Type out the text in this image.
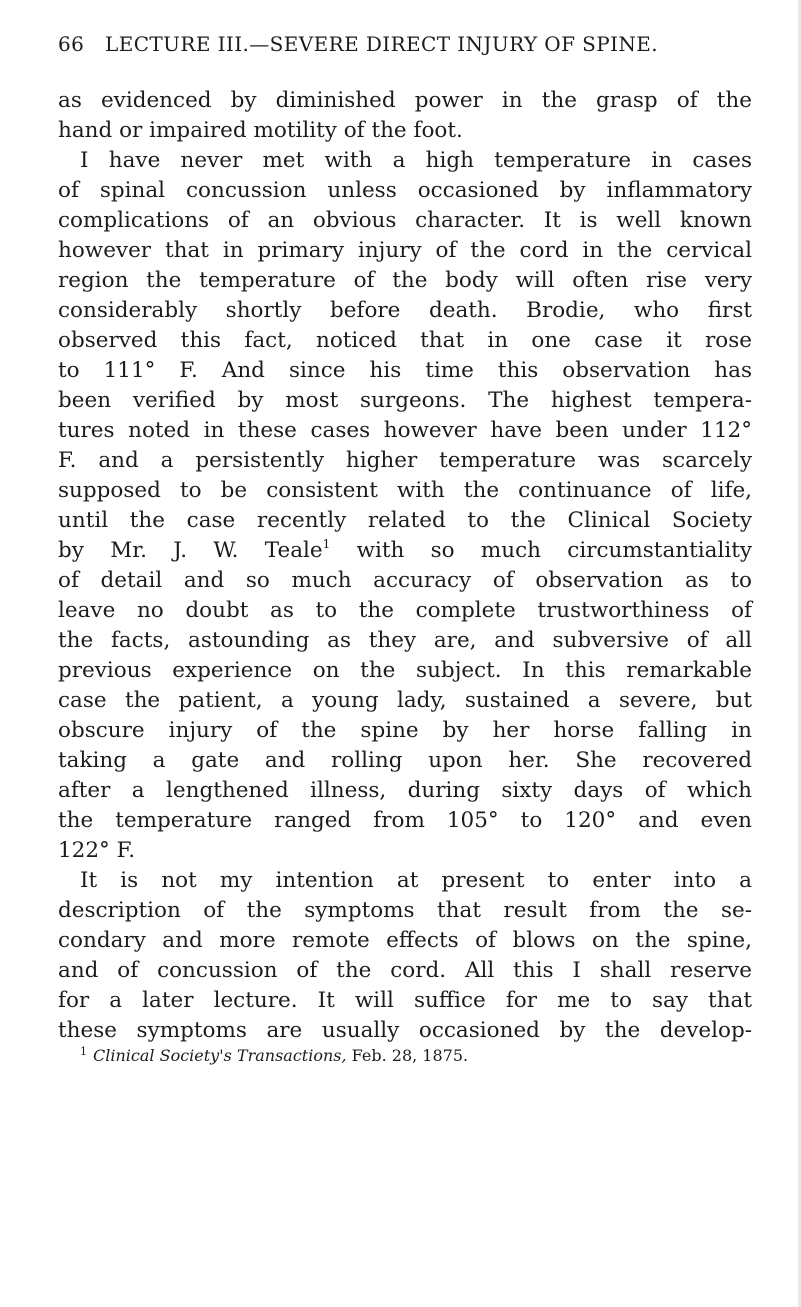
66 LECTURE III.—SEVERE DIRECT INJURY OF SPINE.
as evidenced by diminished power in the grasp of the
hand or impaired motility of the foot.
I have never met with a high temperature in cases
of spinal concussion unless occasioned by inflammatory
complications of an obvious character. It is well known
however that in primary injury of the cord in the cervical
region the temperature of the body will often rise very
considerably shortly before death. Brodie, who first
observed this fact, noticed that in one case it rose
to 111° F. And since his time this observation has
been verified by most surgeons. The highest tempera-
tures noted in these cases however have been under 112°
F. and a persistently higher temperature was scarcely
supposed to be consistent with the continuance of life,
until the case recently related to the Clinical Society
by Mr. J. W. Teale$^1$ with so much circumstantiality
of detail and so much accuracy of observation as to
leave no doubt as to the complete trustworthiness of
the facts, astounding as they are, and subversive of all
previous experience on the subject. In this remarkable
case the patient, a young lady, sustained a severe, but
obscure injury of the spine by her horse falling in
taking a gate and rolling upon her. She recovered
after a lengthened illness, during sixty days of which
the temperature ranged from 105° to 120° and even
122° F.
It is not my intention at present to enter into a
description of the symptoms that result from the se-
condary and more remote effects of blows on the spine,
and of concussion of the cord. All this I shall reserve
for a later lecture. It will suffice for me to say that
these symptoms are usually occasioned by the develop-
$^1$ Clinical Society's Transactions, Feb. 28, 1875.
